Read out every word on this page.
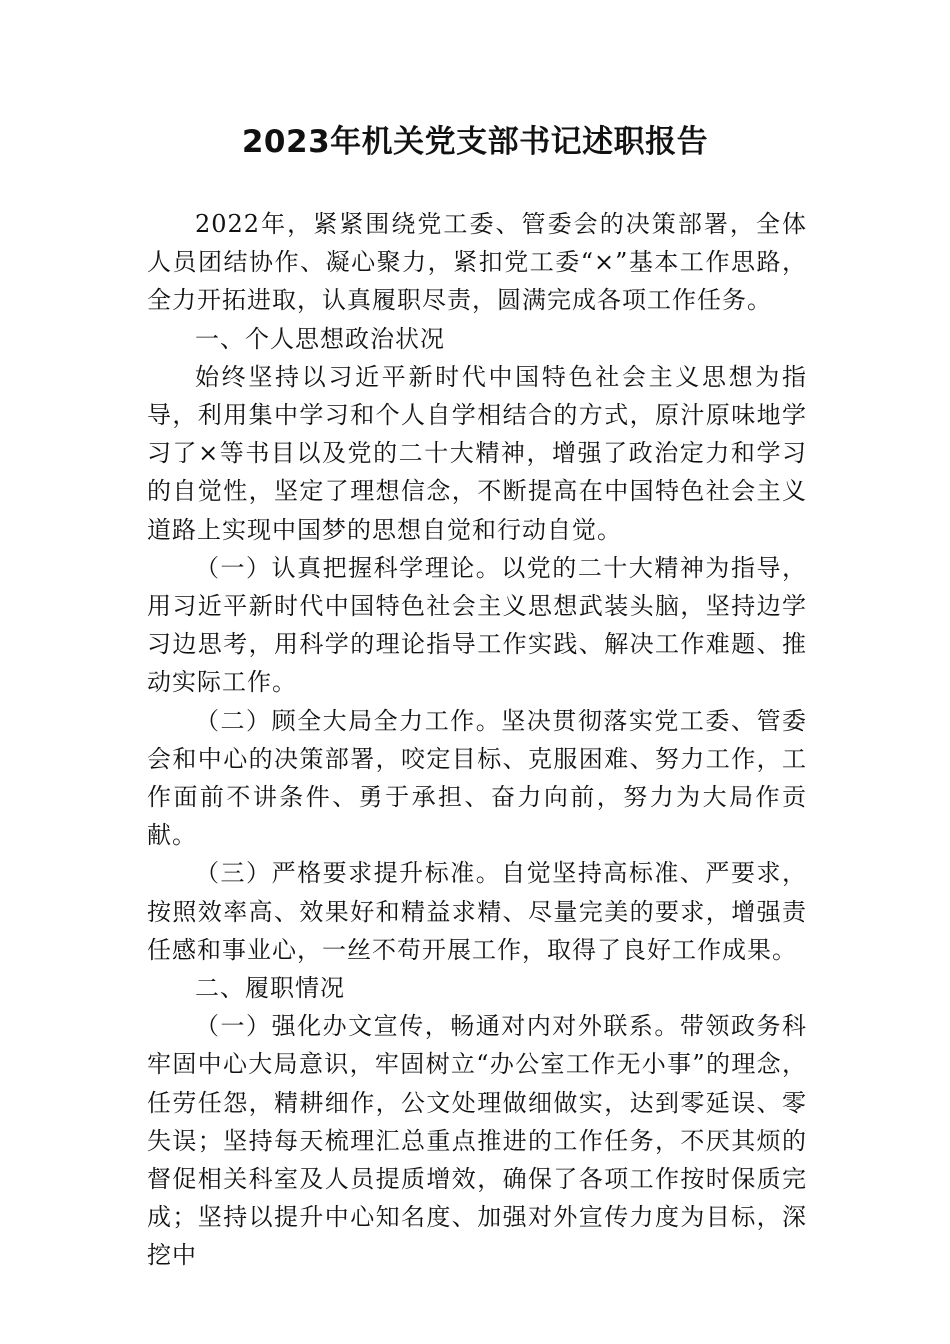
2023年机关党支部书记述职报告

2022年，紧紧围绕党工委、管委会的决策部署，全体人员团结协作、凝心聚力，紧扣党工委“×”基本工作思路，全力开拓进取，认真履职尽责，圆满完成各项工作任务。

一、个人思想政治状况

始终坚持以习近平新时代中国特色社会主义思想为指导，利用集中学习和个人自学相结合的方式，原汁原味地学习了×等书目以及党的二十大精神，增强了政治定力和学习的自觉性，坚定了理想信念，不断提高在中国特色社会主义道路上实现中国梦的思想自觉和行动自觉。

（一）认真把握科学理论。以党的二十大精神为指导，用习近平新时代中国特色社会主义思想武装头脑，坚持边学习边思考，用科学的理论指导工作实践、解决工作难题、推动实际工作。

（二）顾全大局全力工作。坚决贯彻落实党工委、管委会和中心的决策部署，咬定目标、克服困难、努力工作，工作面前不讲条件、勇于承担、奋力向前，努力为大局作贡献。

（三）严格要求提升标准。自觉坚持高标准、严要求，按照效率高、效果好和精益求精、尽量完美的要求，增强责任感和事业心，一丝不苟开展工作，取得了良好工作成果。

二、履职情况

（一）强化办文宣传，畅通对内对外联系。带领政务科牢固中心大局意识，牢固树立“办公室工作无小事”的理念，任劳任怨，精耕细作，公文处理做细做实，达到零延误、零失误；坚持每天梳理汇总重点推进的工作任务，不厌其烦的督促相关科室及人员提质增效，确保了各项工作按时保质完成；坚持以提升中心知名度、加强对外宣传力度为目标，深挖中
